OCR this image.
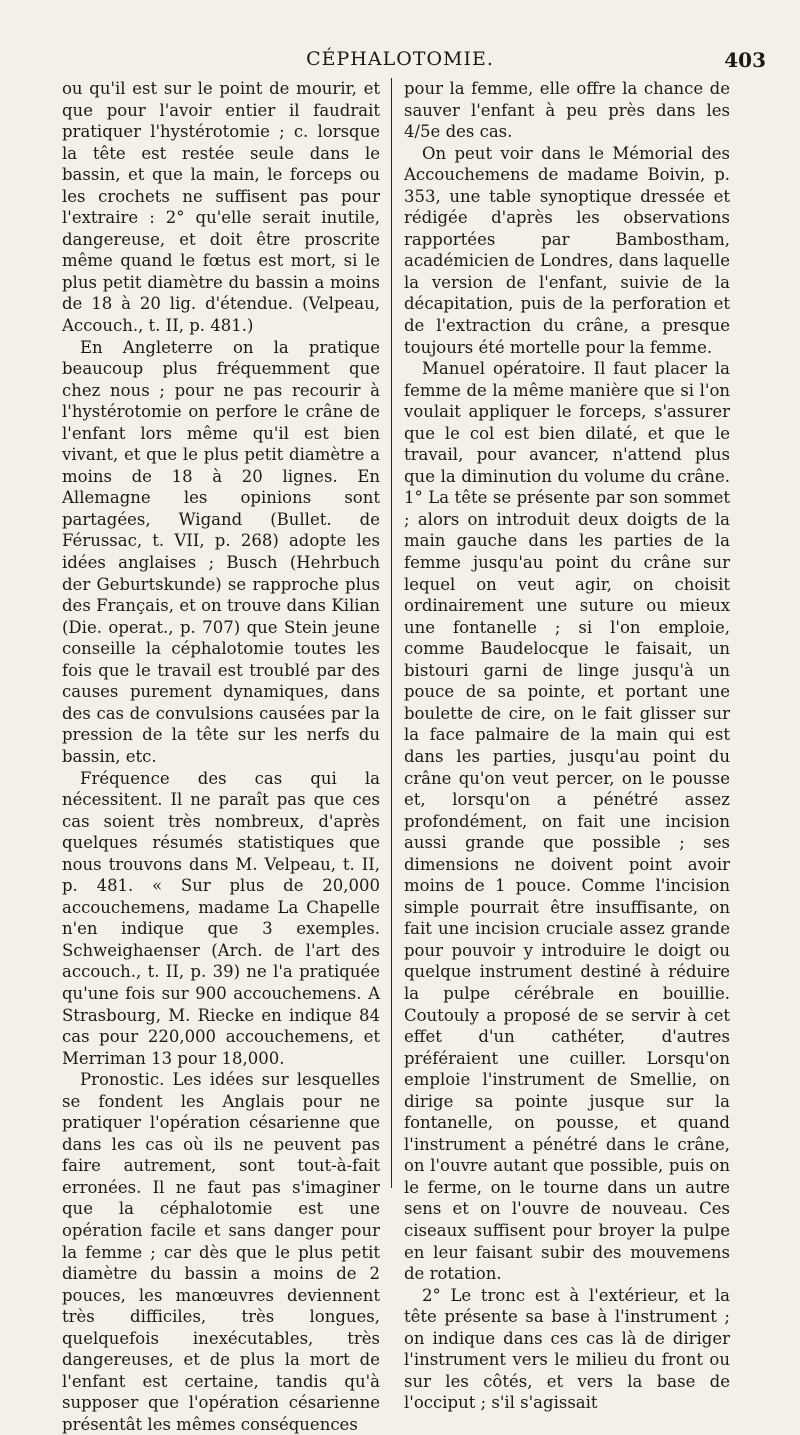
CÉPHALOTOMIE.	403

ou qu'il est sur le point de mourir, et que pour l'avoir entier il faudrait pratiquer l'hystérotomie ; c. lorsque la tête est restée seule dans le bassin, et que la main, le forceps ou les crochets ne suffisent pas pour l'extraire : 2° qu'elle serait inutile, dangereuse, et doit être proscrite même quand le fœtus est mort, si le plus petit diamètre du bassin a moins de 18 à 20 lig. d'étendue. (Velpeau, Accouch., t. II, p. 481.)

En Angleterre on la pratique beaucoup plus fréquemment que chez nous ; pour ne pas recourir à l'hystérotomie on perfore le crâne de l'enfant lors même qu'il est bien vivant, et que le plus petit diamètre a moins de 18 à 20 lignes. En Allemagne les opinions sont partagées, Wigand (Bullet. de Férussac, t. VII, p. 268) adopte les idées anglaises ; Busch (Hehrbuch der Geburtskunde) se rapproche plus des Français, et on trouve dans Kilian (Die. operat., p. 707) que Stein jeune conseille la céphalotomie toutes les fois que le travail est troublé par des causes purement dynamiques, dans des cas de convulsions causées par la pression de la tête sur les nerfs du bassin, etc.

Fréquence des cas qui la nécessitent. Il ne paraît pas que ces cas soient très nombreux, d'après quelques résumés statistiques que nous trouvons dans M. Velpeau, t. II, p. 481. « Sur plus de 20,000 accouchemens, madame La Chapelle n'en indique que 3 exemples. Schweighaenser (Arch. de l'art des accouch., t. II, p. 39) ne l'a pratiquée qu'une fois sur 900 accouchemens. A Strasbourg, M. Riecke en indique 84 cas pour 220,000 accouchemens, et Merriman 13 pour 18,000.

Pronostic. Les idées sur lesquelles se fondent les Anglais pour ne pratiquer l'opération césarienne que dans les cas où ils ne peuvent pas faire autrement, sont tout-à-fait erronées. Il ne faut pas s'imaginer que la céphalotomie est une opération facile et sans danger pour la femme ; car dès que le plus petit diamètre du bassin a moins de 2 pouces, les manœuvres deviennent très difficiles, très longues, quelquefois inexécutables, très dangereuses, et de plus la mort de l'enfant est certaine, tandis qu'à supposer que l'opération césarienne présentât les mêmes conséquences

pour la femme, elle offre la chance de sauver l'enfant à peu près dans les 4/5e des cas.

On peut voir dans le Mémorial des Accouchemens de madame Boivin, p. 353, une table synoptique dressée et rédigée d'après les observations rapportées par Bambostham, académicien de Londres, dans laquelle la version de l'enfant, suivie de la décapitation, puis de la perforation et de l'extraction du crâne, a presque toujours été mortelle pour la femme.

Manuel opératoire. Il faut placer la femme de la même manière que si l'on voulait appliquer le forceps, s'assurer que le col est bien dilaté, et que le travail, pour avancer, n'attend plus que la diminution du volume du crâne. 1° La tête se présente par son sommet ; alors on introduit deux doigts de la main gauche dans les parties de la femme jusqu'au point du crâne sur lequel on veut agir, on choisit ordinairement une suture ou mieux une fontanelle ; si l'on emploie, comme Baudelocque le faisait, un bistouri garni de linge jusqu'à un pouce de sa pointe, et portant une boulette de cire, on le fait glisser sur la face palmaire de la main qui est dans les parties, jusqu'au point du crâne qu'on veut percer, on le pousse et, lorsqu'on a pénétré assez profondément, on fait une incision aussi grande que possible ; ses dimensions ne doivent point avoir moins de 1 pouce. Comme l'incision simple pourrait être insuffisante, on fait une incision cruciale assez grande pour pouvoir y introduire le doigt ou quelque instrument destiné à réduire la pulpe cérébrale en bouillie. Coutouly a proposé de se servir à cet effet d'un cathéter, d'autres préféraient une cuiller. Lorsqu'on emploie l'instrument de Smellie, on dirige sa pointe jusque sur la fontanelle, on pousse, et quand l'instrument a pénétré dans le crâne, on l'ouvre autant que possible, puis on le ferme, on le tourne dans un autre sens et on l'ouvre de nouveau. Ces ciseaux suffisent pour broyer la pulpe en leur faisant subir des mouvemens de rotation.

2° Le tronc est à l'extérieur, et la tête présente sa base à l'instrument ; on indique dans ces cas là de diriger l'instrument vers le milieu du front ou sur les côtés, et vers la base de l'occiput ; s'il s'agissait
